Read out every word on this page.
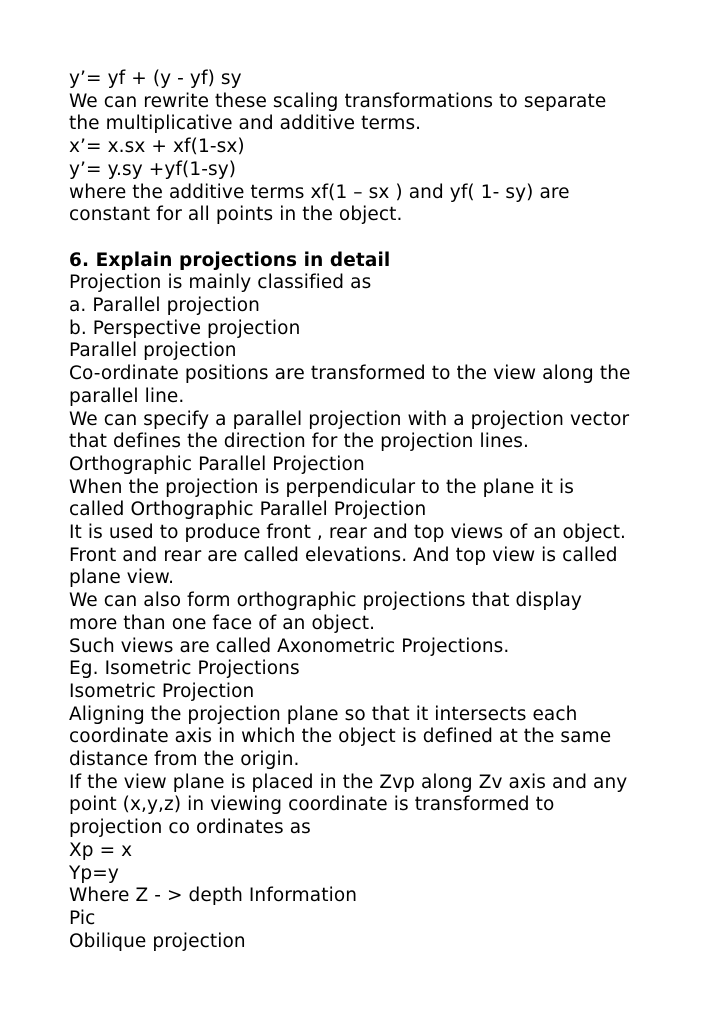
y’= yf + (y - yf) sy
We can rewrite these scaling transformations to separate
the multiplicative and additive terms.
x’= x.sx + xf(1-sx)
y’= y.sy +yf(1-sy)
where the additive terms xf(1 – sx ) and yf( 1- sy) are
constant for all points in the object.
6. Explain projections in detail
Projection is mainly classified as
a. Parallel projection
b. Perspective projection
Parallel projection
Co-ordinate positions are transformed to the view along the
parallel line.
We can specify a parallel projection with a projection vector
that defines the direction for the projection lines.
Orthographic Parallel Projection
When the projection is perpendicular to the plane it is
called Orthographic Parallel Projection
It is used to produce front , rear and top views of an object.
Front and rear are called elevations. And top view is called
plane view.
We can also form orthographic projections that display
more than one face of an object.
Such views are called Axonometric Projections.
Eg. Isometric Projections
Isometric Projection
Aligning the projection plane so that it intersects each
coordinate axis in which the object is defined at the same
distance from the origin.
If the view plane is placed in the Zvp along Zv axis and any
point (x,y,z) in viewing coordinate is transformed to
projection co ordinates as
Xp = x
Yp=y
Where Z - > depth Information
Pic
Obilique projection
